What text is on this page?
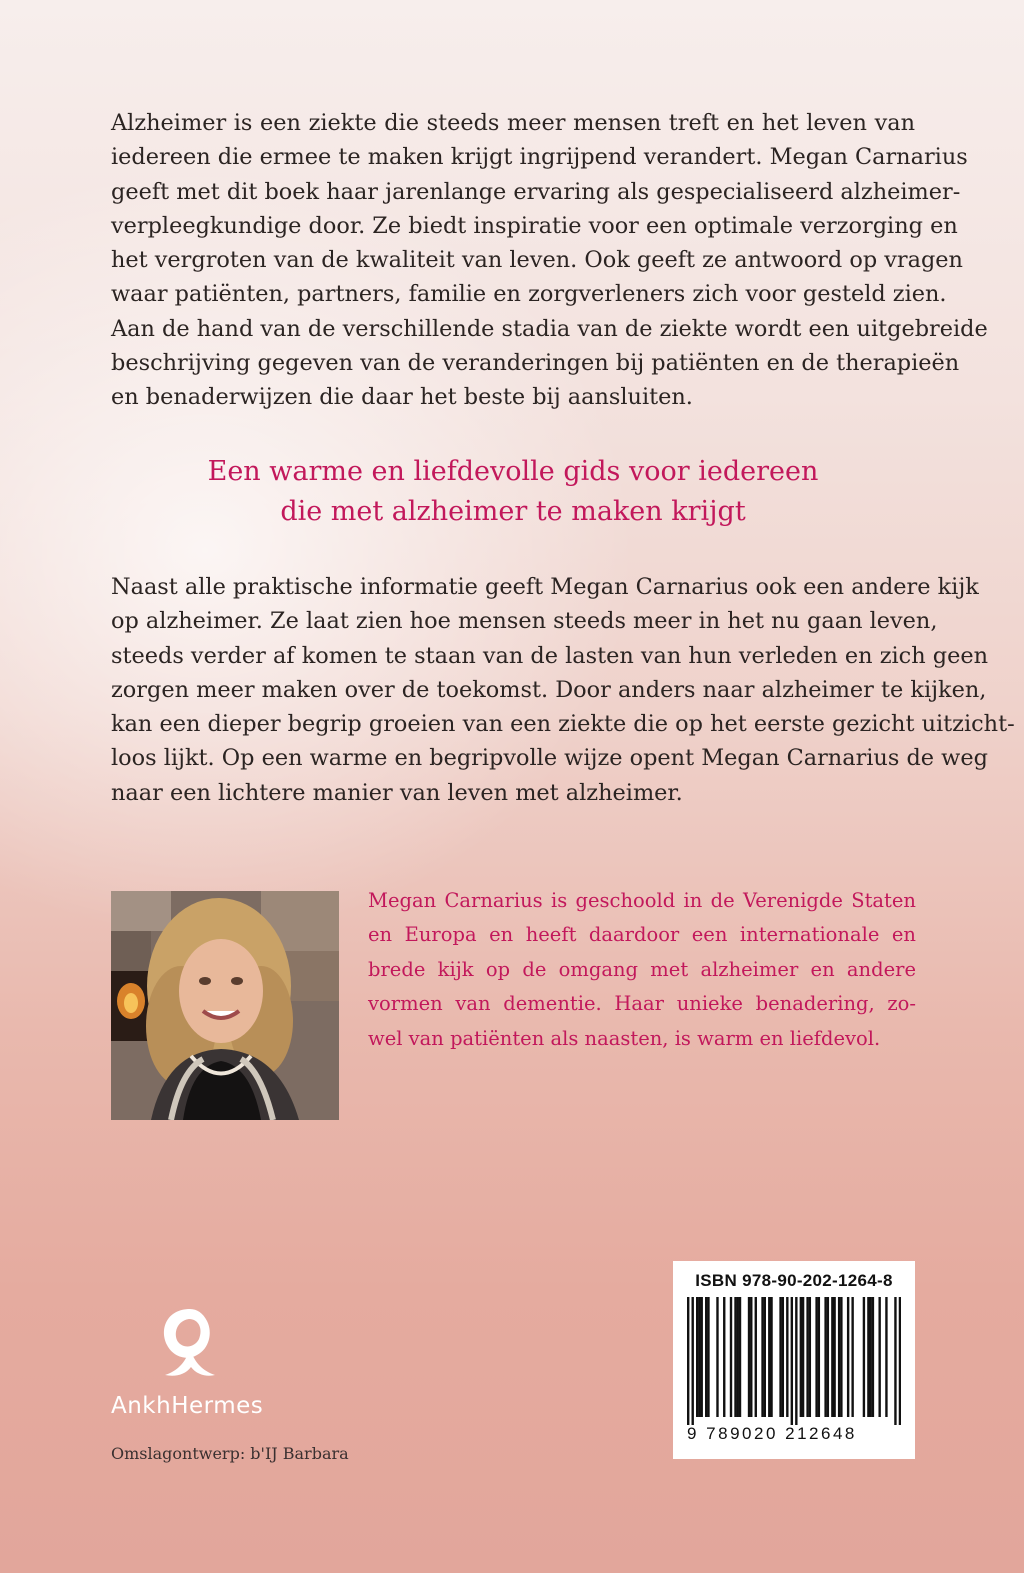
Alzheimer is een ziekte die steeds meer mensen treft en het leven van
iedereen die ermee te maken krijgt ingrijpend verandert. Megan Carnarius
geeft met dit boek haar jarenlange ervaring als gespecialiseerd alzheimer-
verpleegkundige door. Ze biedt inspiratie voor een optimale verzorging en
het vergroten van de kwaliteit van leven. Ook geeft ze antwoord op vragen
waar patiënten, partners, familie en zorgverleners zich voor gesteld zien.
Aan de hand van de verschillende stadia van de ziekte wordt een uitgebreide
beschrijving gegeven van de veranderingen bij patiënten en de therapieën
en benaderwijzen die daar het beste bij aansluiten.
Een warme en liefdevolle gids voor iedereen
die met alzheimer te maken krijgt
Naast alle praktische informatie geeft Megan Carnarius ook een andere kijk
op alzheimer. Ze laat zien hoe mensen steeds meer in het nu gaan leven,
steeds verder af komen te staan van de lasten van hun verleden en zich geen
zorgen meer maken over de toekomst. Door anders naar alzheimer te kijken,
kan een dieper begrip groeien van een ziekte die op het eerste gezicht uitzicht-
loos lijkt. Op een warme en begripvolle wijze opent Megan Carnarius de weg
naar een lichtere manier van leven met alzheimer.
Megan Carnarius is geschoold in de Verenigde Staten
en Europa en heeft daardoor een internationale en
brede kijk op de omgang met alzheimer en andere
vormen van dementie. Haar unieke benadering, zo-
wel van patiënten als naasten, is warm en liefdevol.
AnkhHermes
Omslagontwerp: b'IJ Barbara
ISBN 978-90-202-1264-8
9 789020 212648
